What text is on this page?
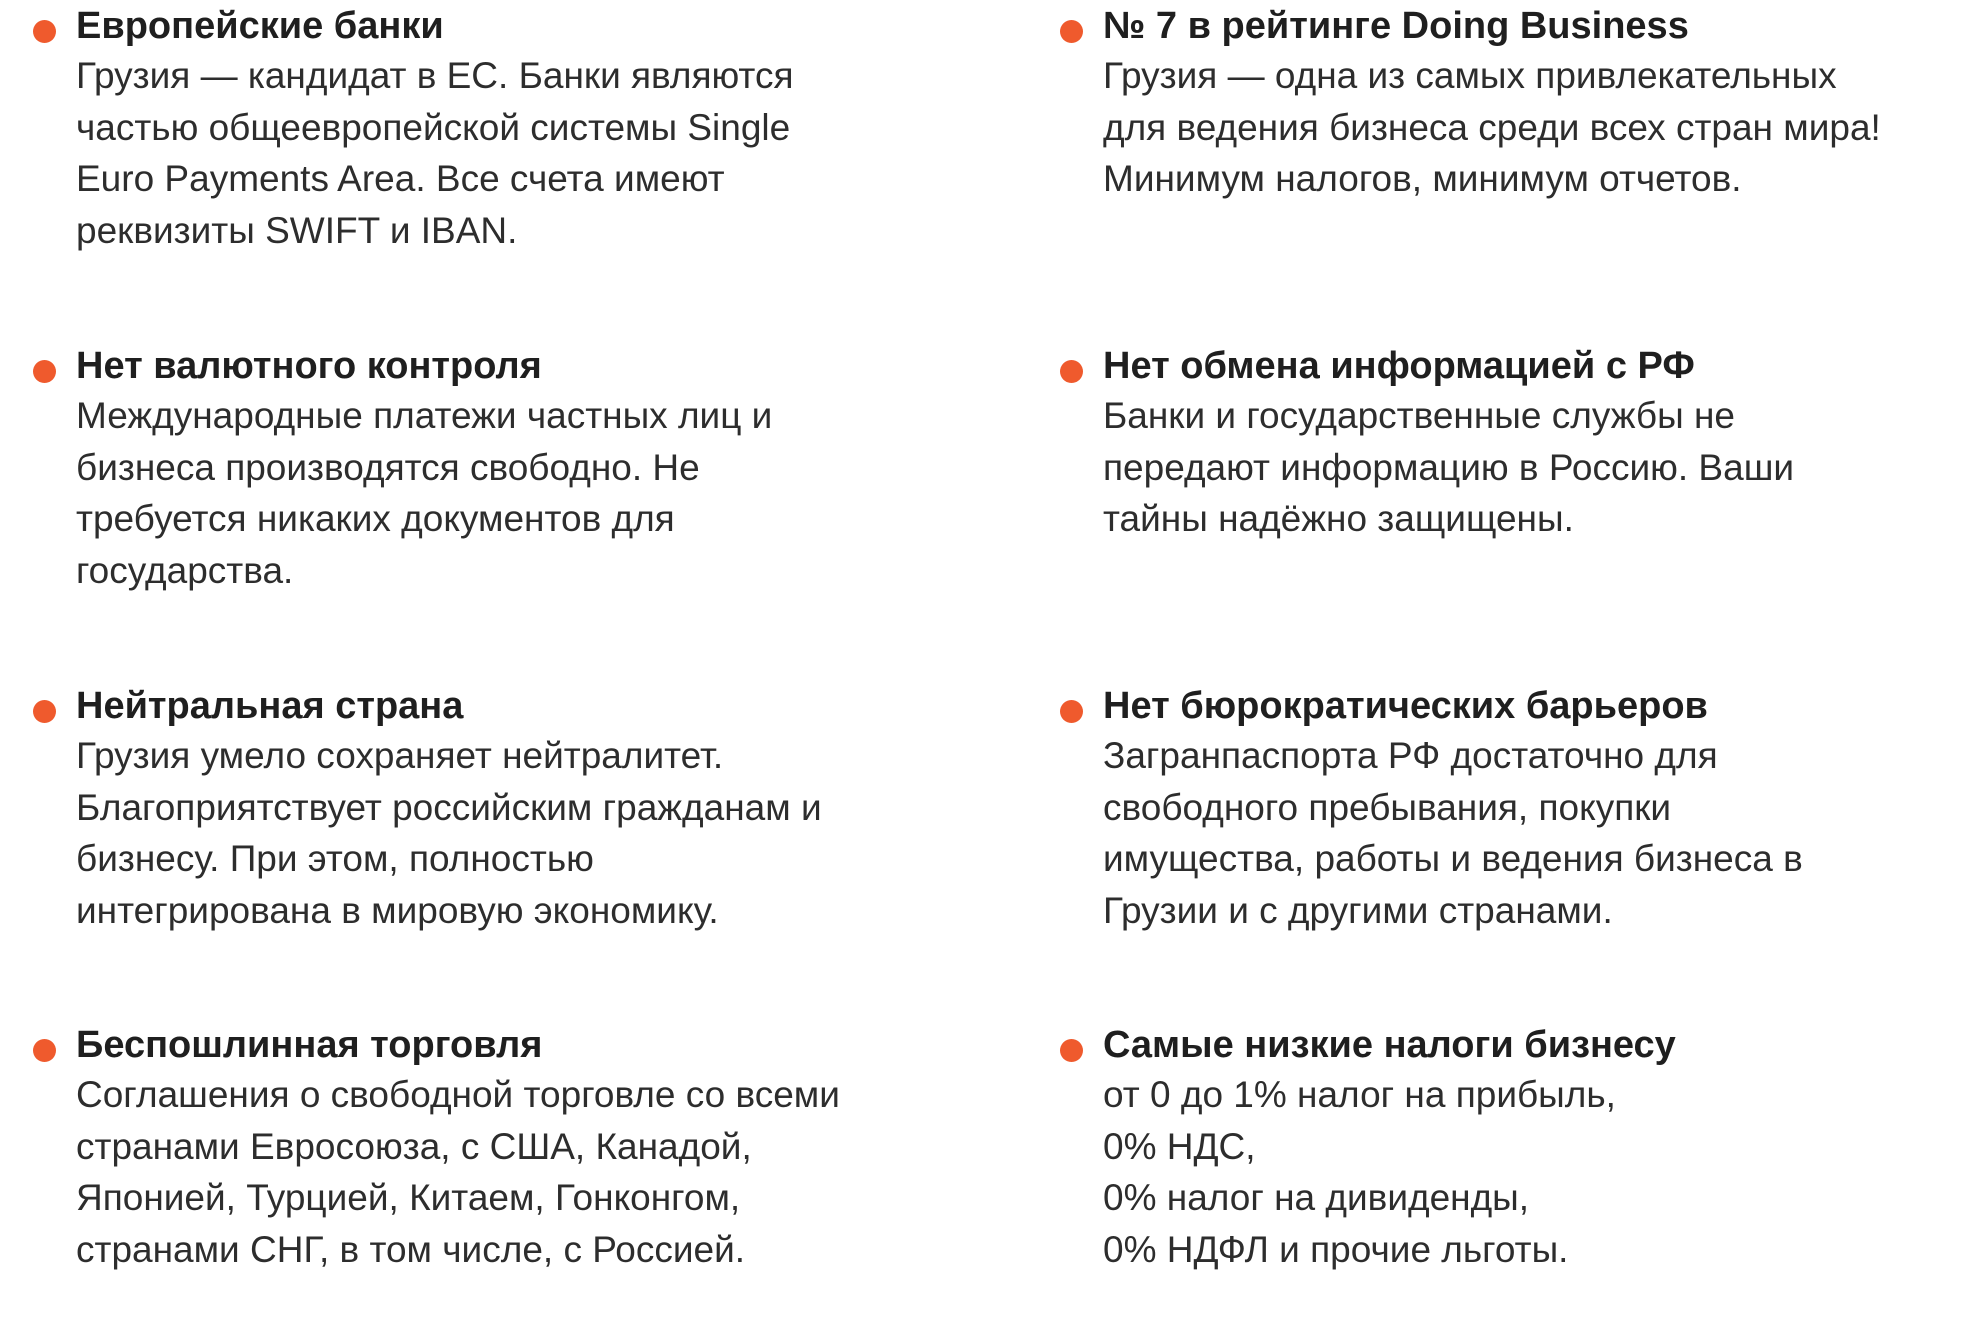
Европейские банки

Грузия — кандидат в ЕС. Банки являются
частью общеевропейской системы Single
Euro Payments Area. Все счета имеют
реквизиты SWIFT и IBAN.

№ 7 в рейтинге Doing Business

Грузия — одна из самых привлекательных
для ведения бизнеса среди всех стран мира!
Минимум налогов, минимум отчетов.

Нет валютного контроля

Международные платежи частных лиц и
бизнеса производятся свободно. Не
требуется никаких документов для
государства.

Нет обмена информацией с РФ

Банки и государственные службы не
передают информацию в Россию. Ваши
тайны надёжно защищены.

Нейтральная страна

Грузия умело сохраняет нейтралитет.
Благоприятствует российским гражданам и
бизнесу. При этом, полностью
интегрирована в мировую экономику.

Нет бюрократических барьеров

Загранпаспорта РФ достаточно для
свободного пребывания, покупки
имущества, работы и ведения бизнеса в
Грузии и с другими странами.

Беспошлинная торговля

Соглашения о свободной торговле со всеми
странами Евросоюза, с США, Канадой,
Японией, Турцией, Китаем, Гонконгом,
странами СНГ, в том числе, с Россией.

Самые низкие налоги бизнесу

от 0 до 1% налог на прибыль,
0% НДС,
0% налог на дивиденды,
0% НДФЛ и прочие льготы.
